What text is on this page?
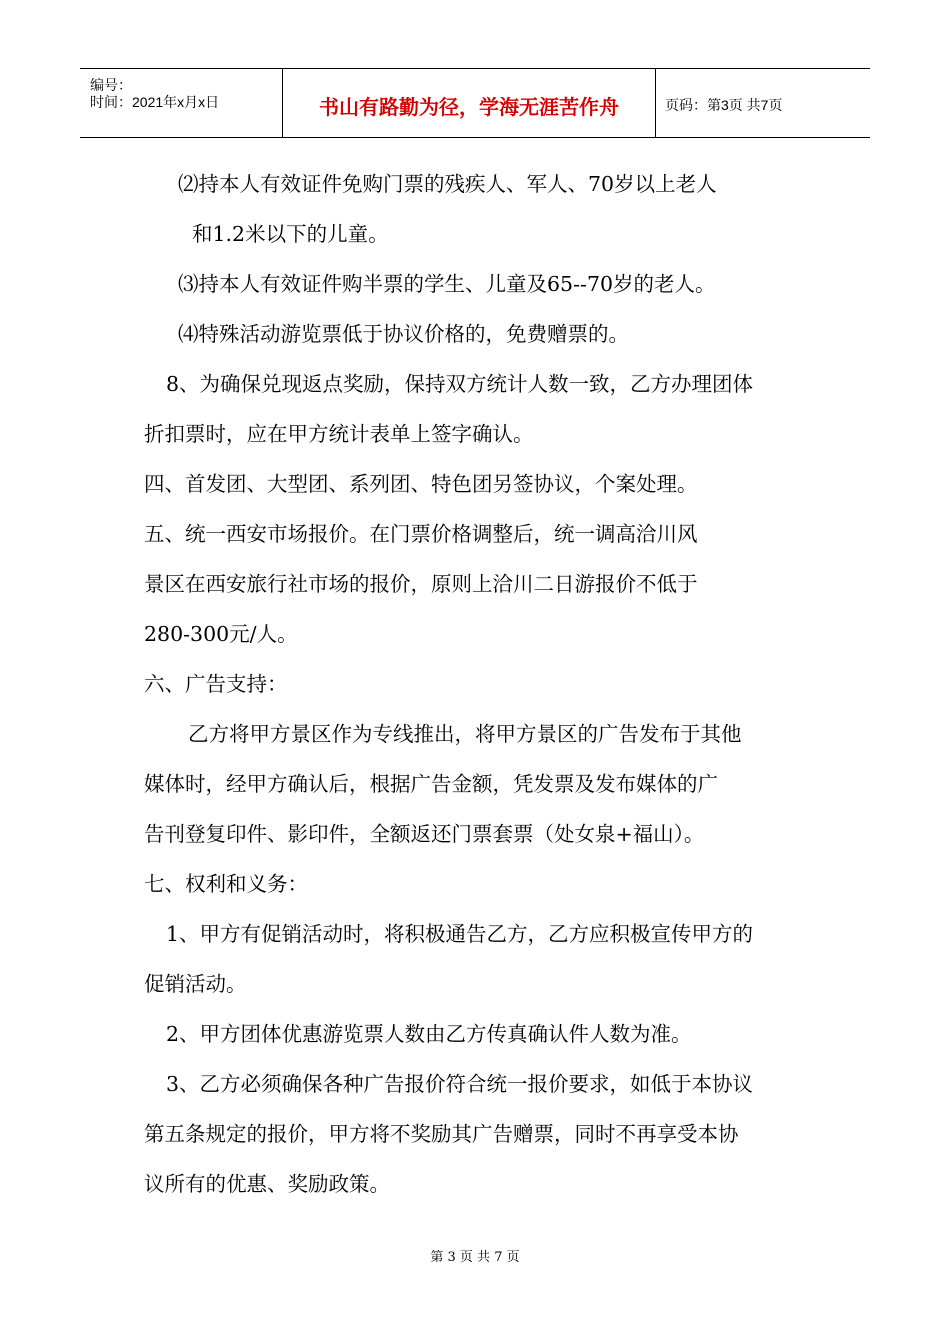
编号：
时间：2021年x月x日	书山有路勤为径，学海无涯苦作舟	页码：第3页 共7页
⑵持本人有效证件免购门票的残疾人、军人、70岁以上老人
和1.2米以下的儿童。
⑶持本人有效证件购半票的学生、儿童及65--70岁的老人。
⑷特殊活动游览票低于协议价格的，免费赠票的。
8、为确保兑现返点奖励，保持双方统计人数一致，乙方办理团体
折扣票时，应在甲方统计表单上签字确认。
四、首发团、大型团、系列团、特色团另签协议，个案处理。
五、统一西安市场报价。在门票价格调整后，统一调高洽川风
景区在西安旅行社市场的报价，原则上洽川二日游报价不低于
280-300元/人。
六、广告支持：
乙方将甲方景区作为专线推出，将甲方景区的广告发布于其他
媒体时，经甲方确认后，根据广告金额，凭发票及发布媒体的广
告刊登复印件、影印件，全额返还门票套票（处女泉+福山）。
七、权利和义务：
1、甲方有促销活动时，将积极通告乙方，乙方应积极宣传甲方的
促销活动。
2、甲方团体优惠游览票人数由乙方传真确认件人数为准。
3、乙方必须确保各种广告报价符合统一报价要求，如低于本协议
第五条规定的报价，甲方将不奖励其广告赠票，同时不再享受本协
议所有的优惠、奖励政策。
第 3 页 共 7 页
